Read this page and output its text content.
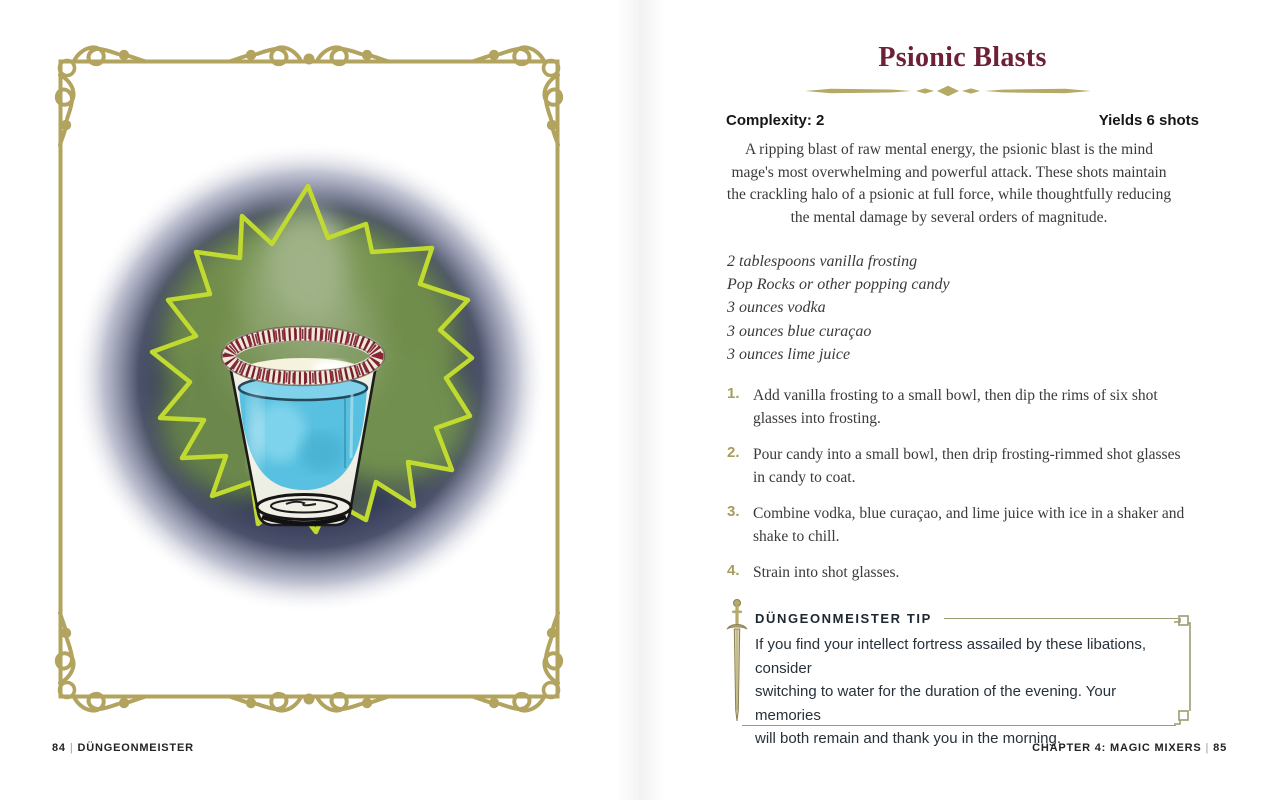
84 | DÜNGEONMEISTER
Psionic Blasts
Complexity: 2	Yields 6 shots
A ripping blast of raw mental energy, the psionic blast is the mind
mage's most overwhelming and powerful attack. These shots maintain
the crackling halo of a psionic at full force, while thoughtfully reducing
the mental damage by several orders of magnitude.
2 tablespoons vanilla frosting
Pop Rocks or other popping candy
3 ounces vodka
3 ounces blue curaçao
3 ounces lime juice
1. Add vanilla frosting to a small bowl, then dip the rims of six shot glasses into frosting.
2. Pour candy into a small bowl, then drip frosting-rimmed shot glasses in candy to coat.
3. Combine vodka, blue curaçao, and lime juice with ice in a shaker and shake to chill.
4. Strain into shot glasses.
DÜNGEONMEISTER TIP
If you find your intellect fortress assailed by these libations, consider
switching to water for the duration of the evening. Your memories
will both remain and thank you in the morning.
CHAPTER 4: MAGIC MIXERS | 85
